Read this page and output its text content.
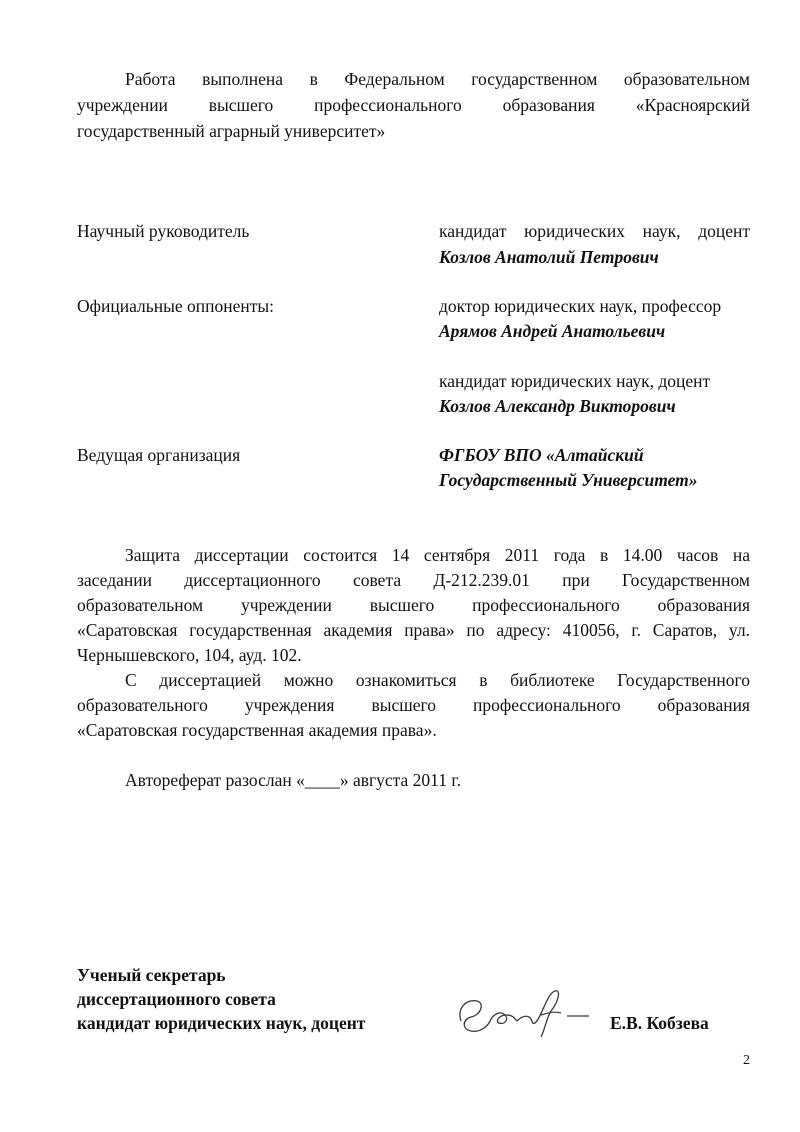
Работа выполнена в Федеральном государственном образовательном
учреждении высшего профессионального образования «Красноярский
государственный аграрный университет»
Научный руководитель	кандидат юридических наук, доцент
Козлов Анатолий Петрович
Официальные оппоненты:	доктор юридических наук, профессор
Арямов Андрей Анатольевич
кандидат юридических наук, доцент
Козлов Александр Викторович
Ведущая организация	ФГБОУ ВПО «Алтайский
Государственный Университет»
Защита диссертации состоится 14 сентября 2011 года в 14.00 часов на
заседании диссертационного совета Д-212.239.01 при Государственном
образовательном учреждении высшего профессионального образования
«Саратовская государственная академия права» по адресу: 410056, г. Саратов, ул.
Чернышевского, 104, ауд. 102.
С диссертацией можно ознакомиться в библиотеке Государственного
образовательного учреждения высшего профессионального образования
«Саратовская государственная академия права».
Автореферат разослан «____» августа 2011 г.
Ученый секретарь
диссертационного совета
кандидат юридических наук, доцент	Е.В. Кобзева
2
